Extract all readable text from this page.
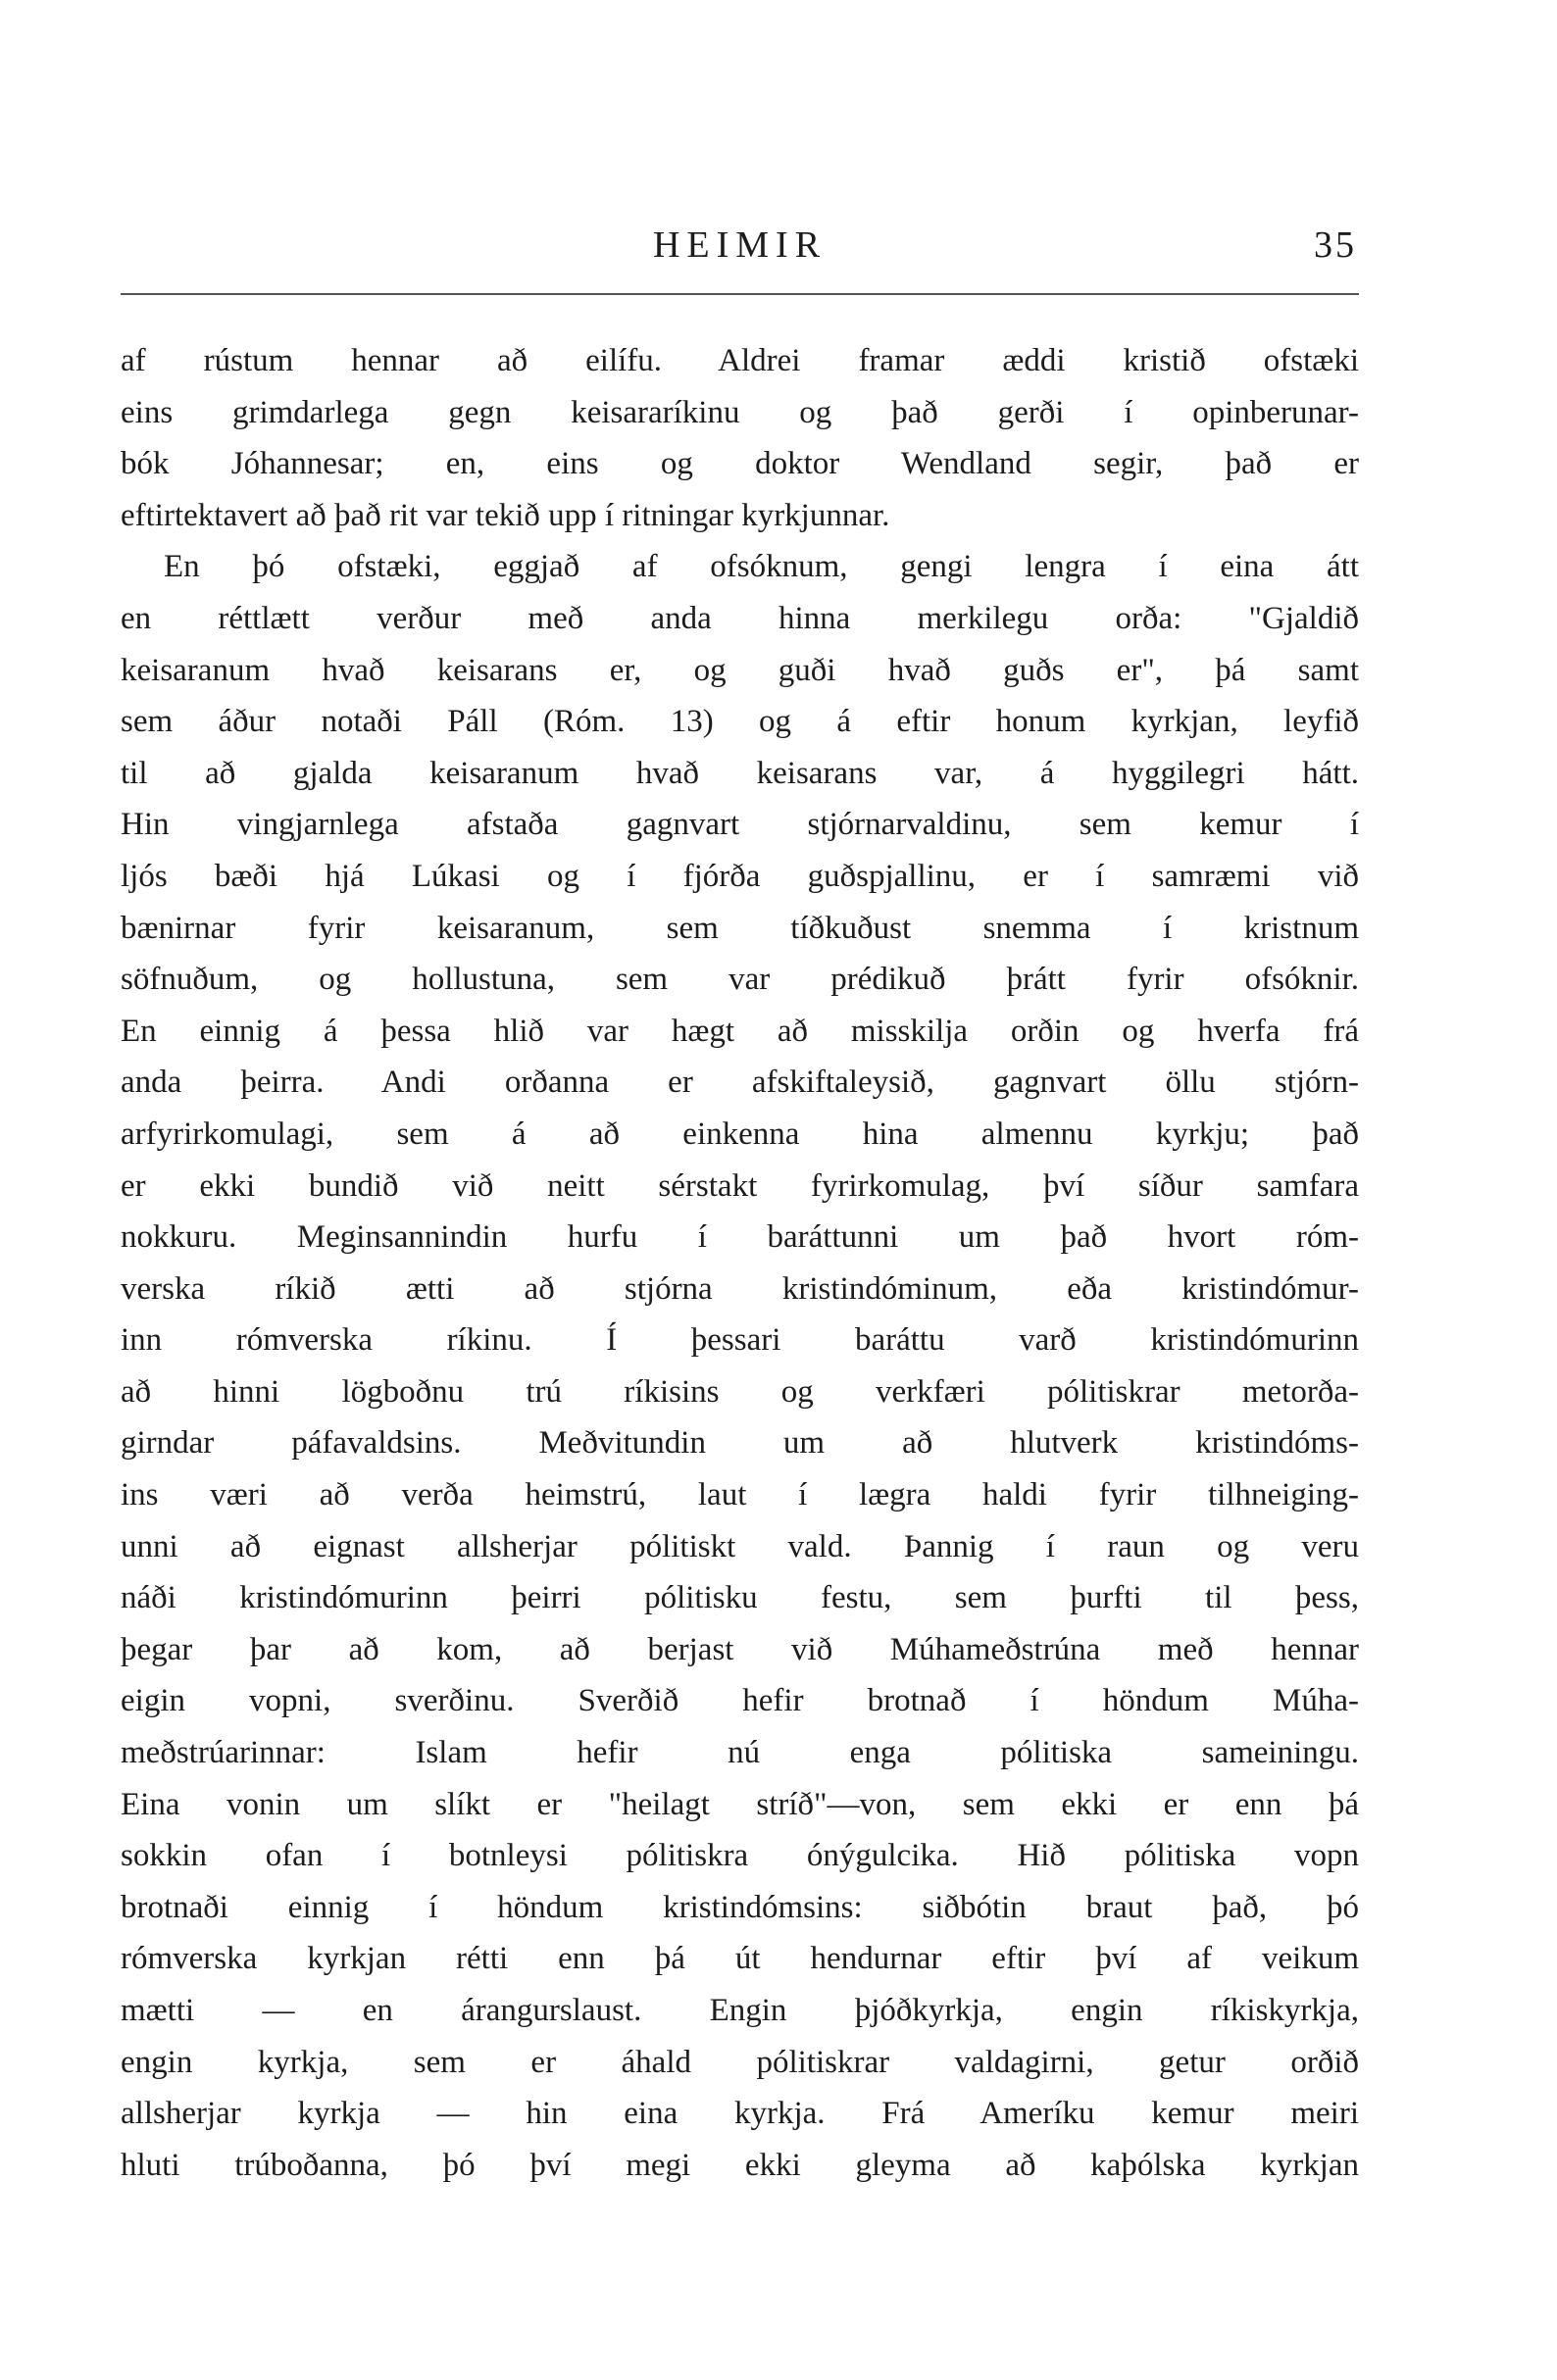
HEIMIR	35
af rústum hennar að eilífu. Aldrei framar æddi kristið ofstæki
eins grimdarlega gegn keisararíkinu og það gerði í opinberunar-
bók Jóhannesar; en, eins og doktor Wendland segir, það er
eftirtektavert að það rit var tekið upp í ritningar kyrkjunnar.
En þó ofstæki, eggjað af ofsóknum, gengi lengra í eina átt
en réttlætt verður með anda hinna merkilegu orða: "Gjaldið
keisaranum hvað keisarans er, og guði hvað guðs er", þá samt
sem áður notaði Páll (Róm. 13) og á eftir honum kyrkjan, leyfið
til að gjalda keisaranum hvað keisarans var, á hyggilegri hátt.
Hin vingjarnlega afstaða gagnvart stjórnarvaldinu, sem kemur í
ljós bæði hjá Lúkasi og í fjórða guðspjallinu, er í samræmi við
bænirnar fyrir keisaranum, sem tíðkuðust snemma í kristnum
söfnuðum, og hollustuna, sem var prédikuð þrátt fyrir ofsóknir.
En einnig á þessa hlið var hægt að misskilja orðin og hverfa frá
anda þeirra. Andi orðanna er afskiftaleysið, gagnvart öllu stjórn-
arfyrirkomulagi, sem á að einkenna hina almennu kyrkju; það
er ekki bundið við neitt sérstakt fyrirkomulag, því síður samfara
nokkuru. Meginsannindin hurfu í baráttunni um það hvort róm-
verska ríkið ætti að stjórna kristindóminum, eða kristindómur-
inn rómverska ríkinu. Í þessari baráttu varð kristindómurinn
að hinni lögboðnu trú ríkisins og verkfæri pólitiskrar metorða-
girndar páfavaldsins. Meðvitundin um að hlutverk kristindóms-
ins væri að verða heimstrú, laut í lægra haldi fyrir tilhneiging-
unni að eignast allsherjar pólitiskt vald. Þannig í raun og veru
náði kristindómurinn þeirri pólitisku festu, sem þurfti til þess,
þegar þar að kom, að berjast við Múhameðstrúna með hennar
eigin vopni, sverðinu. Sverðið hefir brotnað í höndum Múha-
meðstrúarinnar: Islam hefir nú enga pólitiska sameiningu.
Eina vonin um slíkt er "heilagt stríð"—von, sem ekki er enn þá
sokkin ofan í botnleysi pólitiskra ónýgulcika. Hið pólitiska vopn
brotnaði einnig í höndum kristindómsins: siðbótin braut það, þó
rómverska kyrkjan rétti enn þá út hendurnar eftir því af veikum
mætti — en árangurslaust. Engin þjóðkyrkja, engin ríkiskyrkja,
engin kyrkja, sem er áhald pólitiskrar valdagirni, getur orðið
allsherjar kyrkja — hin eina kyrkja. Frá Ameríku kemur meiri
hluti trúboðanna, þó því megi ekki gleyma að kaþólska kyrkjan
